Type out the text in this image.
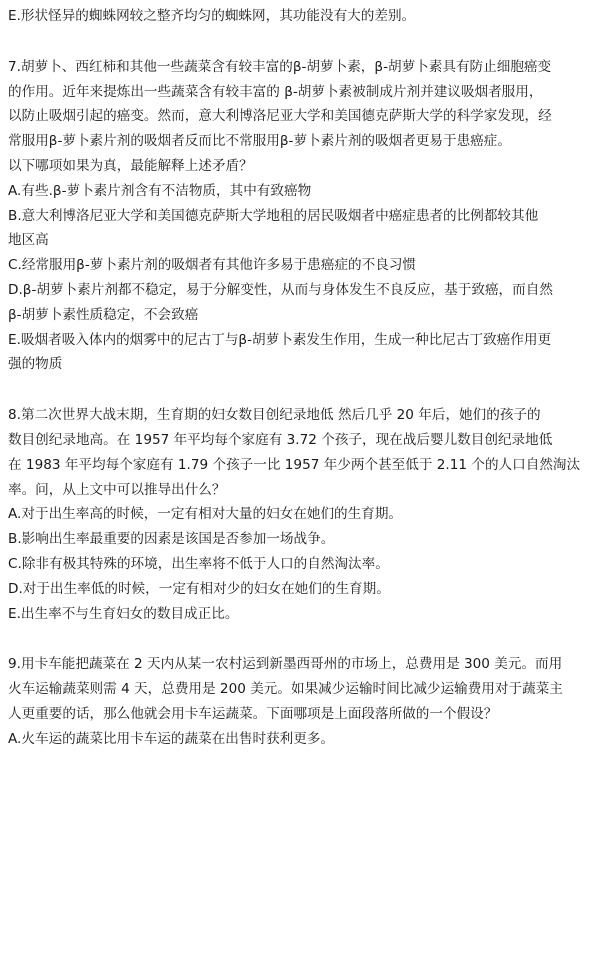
E.形状怪异的蜘蛛网较之整齐均匀的蜘蛛网，其功能没有大的差别。
7.胡萝卜、西红柿和其他一些蔬菜含有较丰富的β-胡萝卜素，β-胡萝卜素具有防止细胞癌变
的作用。近年来提炼出一些蔬菜含有较丰富的 β-胡萝卜素被制成片剂并建议吸烟者服用，
以防止吸烟引起的癌变。然而，意大利博洛尼亚大学和美国德克萨斯大学的科学家发现，经
常服用β-萝卜素片剂的吸烟者反而比不常服用β-萝卜素片剂的吸烟者更易于患癌症。
以下哪项如果为真，最能解释上述矛盾？
A.有些.β-萝卜素片剂含有不洁物质，其中有致癌物
B.意大利博洛尼亚大学和美国德克萨斯大学地租的居民吸烟者中癌症患者的比例都较其他
地区高
C.经常服用β-萝卜素片剂的吸烟者有其他许多易于患癌症的不良习惯
D.β-胡萝卜素片剂都不稳定，易于分解变性，从而与身体发生不良反应，基于致癌，而自然
β-胡萝卜素性质稳定，不会致癌
E.吸烟者吸入体内的烟雾中的尼古丁与β-胡萝卜素发生作用，生成一种比尼古丁致癌作用更
强的物质
8.第二次世界大战末期，生育期的妇女数目创纪录地低 然后几乎 20 年后，她们的孩子的
数目创纪录地高。在 1957 年平均每个家庭有 3.72 个孩子，现在战后婴儿数目创纪录地低
在 1983 年平均每个家庭有 1.79 个孩子一比 1957 年少两个甚至低于 2.11 个的人口自然淘汰
率。问，从上文中可以推导出什么？
A.对于出生率高的时候，一定有相对大量的妇女在她们的生育期。
B.影响出生率最重要的因素是该国是否参加一场战争。
C.除非有极其特殊的环境，出生率将不低于人口的自然淘汰率。
D.对于出生率低的时候，一定有相对少的妇女在她们的生育期。
E.出生率不与生育妇女的数目成正比。
9.用卡车能把蔬菜在 2 天内从某一农村运到新墨西哥州的市场上，总费用是 300 美元。而用
火车运输蔬菜则需 4 天，总费用是 200 美元。如果减少运输时间比减少运输费用对于蔬菜主
人更重要的话，那么他就会用卡车运蔬菜。下面哪项是上面段落所做的一个假设？
A.火车运的蔬菜比用卡车运的蔬菜在出售时获利更多。
